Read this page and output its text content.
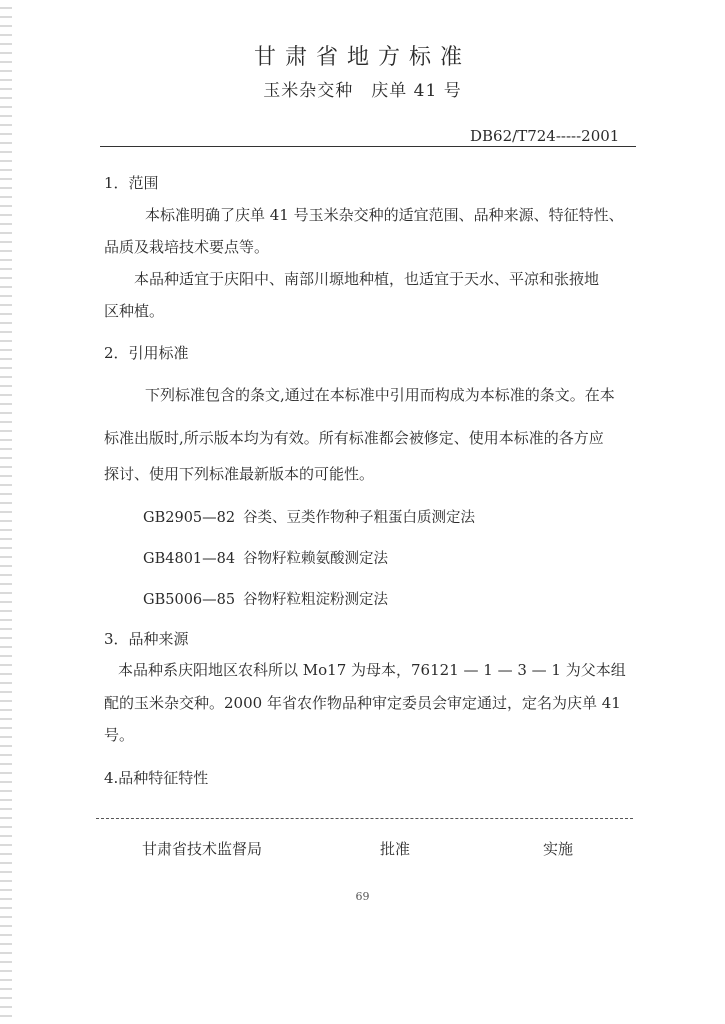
甘肃省地方标准
玉米杂交种　庆单 41 号
DB62/T724-----2001
1．范围
本标准明确了庆单 41 号玉米杂交种的适宜范围、品种来源、特征特性、
品质及栽培技术要点等。
本品种适宜于庆阳中、南部川塬地种植，也适宜于天水、平凉和张掖地
区种植。
2．引用标准
下列标准包含的条文,通过在本标准中引用而构成为本标准的条文。在本
标准出版时,所示版本均为有效。所有标准都会被修定、使用本标准的各方应
探讨、使用下列标准最新版本的可能性。
GB2905—82 谷类、豆类作物种子粗蛋白质测定法
GB4801—84 谷物籽粒赖氨酸测定法
GB5006—85 谷物籽粒粗淀粉测定法
3．品种来源
本品种系庆阳地区农科所以 Mo17 为母本，76121 — 1 — 3 — 1 为父本组
配的玉米杂交种。2000 年省农作物品种审定委员会审定通过，定名为庆单 41
号。
4.品种特征特性
甘肃省技术监督局	批准	实施
69
